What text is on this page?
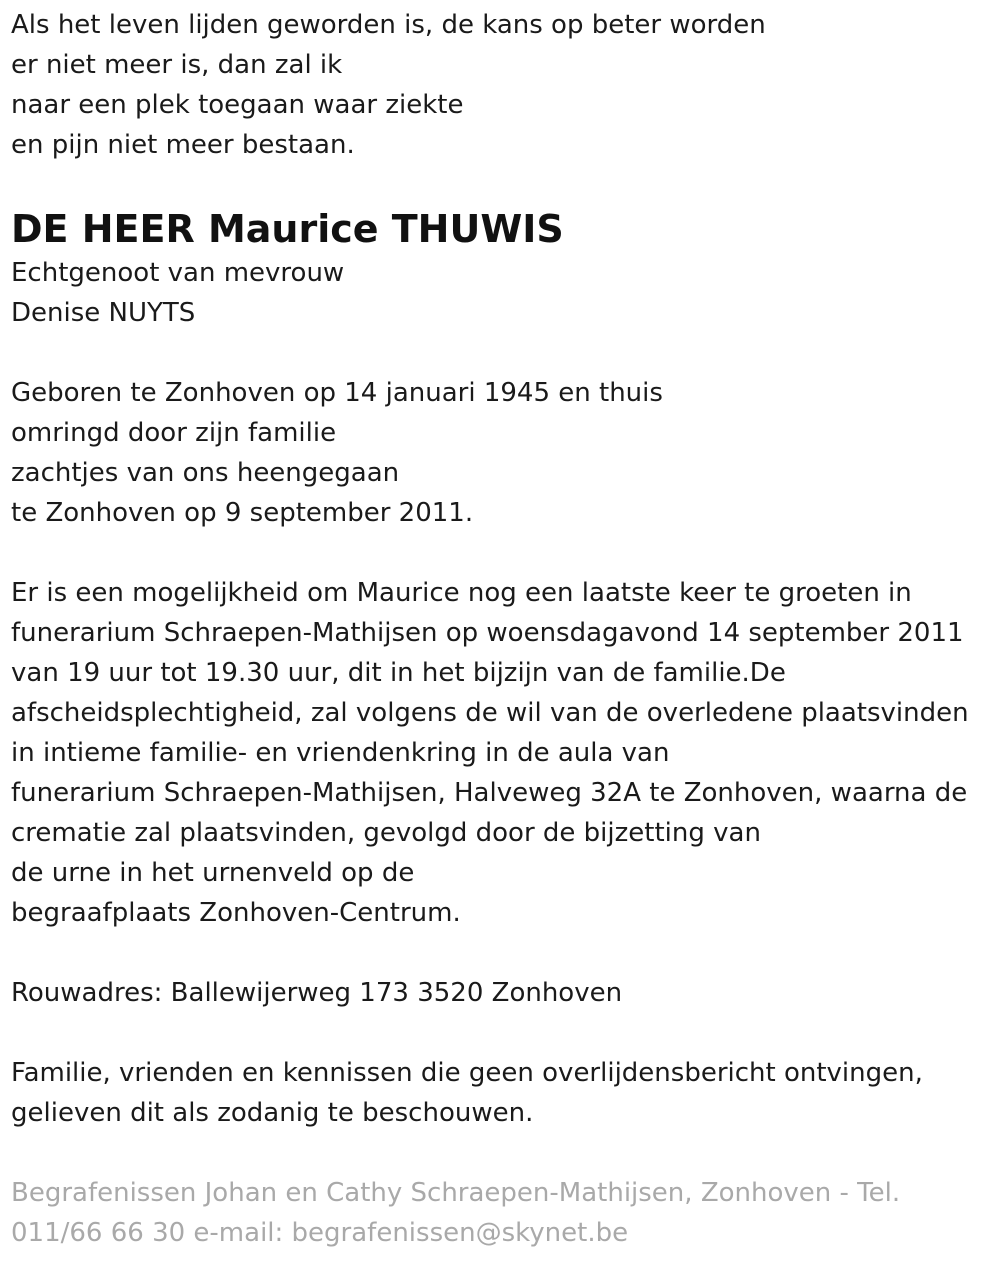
Als het leven lijden geworden is, de kans op beter worden
er niet meer is, dan zal ik
naar een plek toegaan waar ziekte
en pijn niet meer bestaan.
DE HEER Maurice THUWIS
Echtgenoot van mevrouw
Denise NUYTS
Geboren te Zonhoven op 14 januari 1945 en thuis
omringd door zijn familie
zachtjes van ons heengegaan
te Zonhoven op 9 september 2011.
Er is een mogelijkheid om Maurice nog een laatste keer te groeten in
funerarium Schraepen-Mathijsen op woensdagavond 14 september 2011
van 19 uur tot 19.30 uur, dit in het bijzijn van de familie.De
afscheidsplechtigheid, zal volgens de wil van de overledene plaatsvinden
in intieme familie- en vriendenkring in de aula van
funerarium Schraepen-Mathijsen, Halveweg 32A te Zonhoven, waarna de
crematie zal plaatsvinden, gevolgd door de bijzetting van
de urne in het urnenveld op de
begraafplaats Zonhoven-Centrum.
Rouwadres: Ballewijerweg 173 3520 Zonhoven
Familie, vrienden en kennissen die geen overlijdensbericht ontvingen,
gelieven dit als zodanig te beschouwen.
Begrafenissen Johan en Cathy Schraepen-Mathijsen, Zonhoven - Tel.
011/66 66 30 e-mail: begrafenissen@skynet.be
